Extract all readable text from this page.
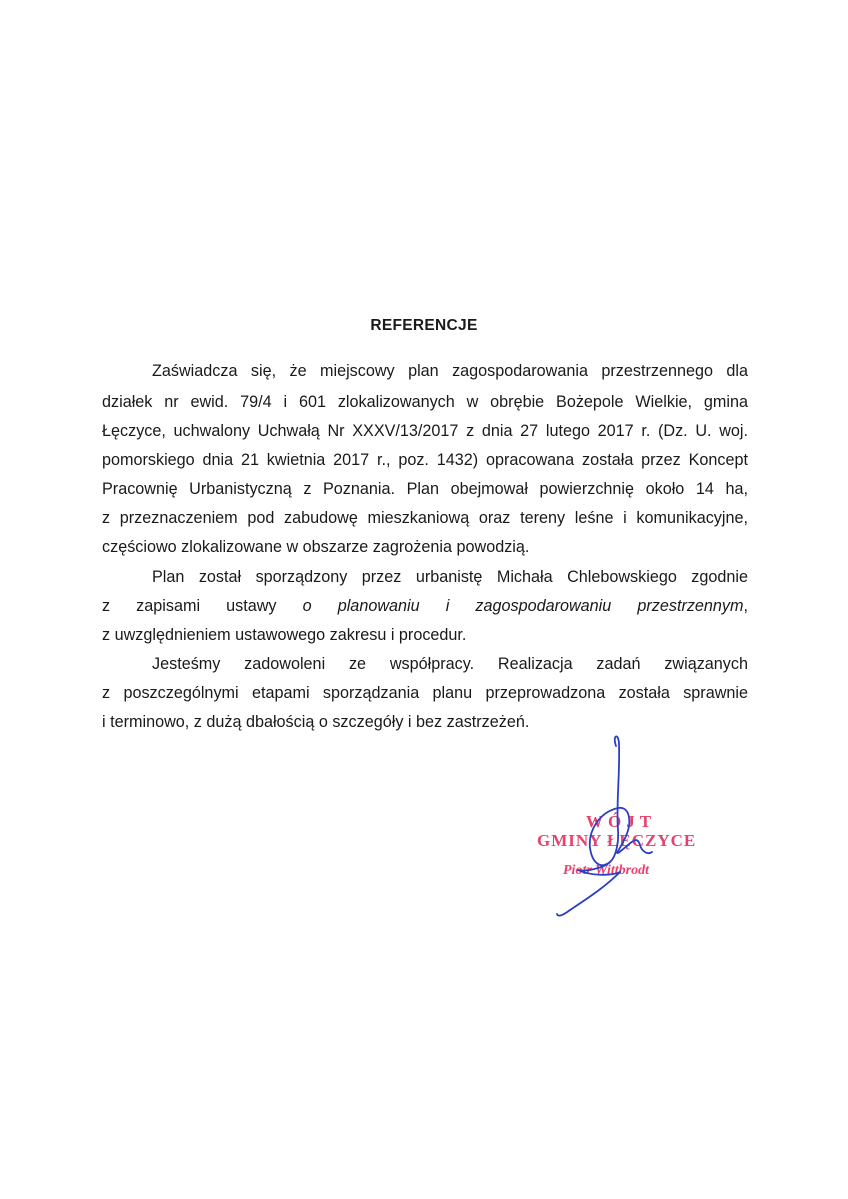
REFERENCJE
Zaświadcza się, że miejscowy plan zagospodarowania przestrzennego dla
działek nr ewid. 79/4 i 601 zlokalizowanych w obrębie Bożepole Wielkie, gmina
Łęczyce, uchwalony Uchwałą Nr XXXV/13/2017 z dnia 27 lutego 2017 r. (Dz. U. woj.
pomorskiego dnia 21 kwietnia 2017 r., poz. 1432) opracowana została przez Koncept
Pracownię Urbanistyczną z Poznania. Plan obejmował powierzchnię około 14 ha,
z przeznaczeniem pod zabudowę mieszkaniową oraz tereny leśne i komunikacyjne,
częściowo zlokalizowane w obszarze zagrożenia powodzią.
Plan został sporządzony przez urbanistę Michała Chlebowskiego zgodnie
z zapisami ustawy o planowaniu i zagospodarowaniu przestrzennym,
z uwzględnieniem ustawowego zakresu i procedur.
Jesteśmy zadowoleni ze współpracy. Realizacja zadań związanych
z poszczególnymi etapami sporządzania planu przeprowadzona została sprawnie
i terminowo, z dużą dbałością o szczegóły i bez zastrzeżeń.
WÓJT
GMINY ŁĘCZYCE
Piotr Wittbrodt
